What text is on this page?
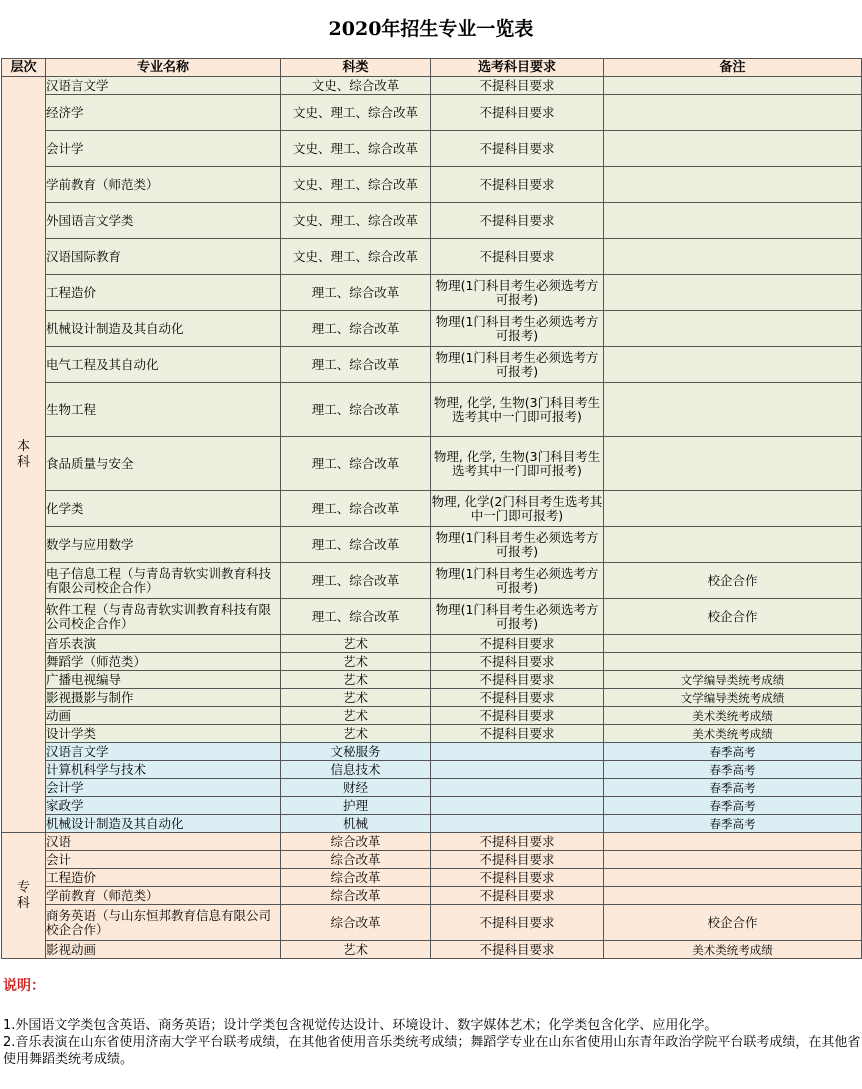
2020年招生专业一览表
层次	专业名称	科类	选考科目要求	备注

本科	汉语言文学	文史、综合改革	不提科目要求	
	经济学	文史、理工、综合改革	不提科目要求	
	会计学	文史、理工、综合改革	不提科目要求	
	学前教育（师范类）	文史、理工、综合改革	不提科目要求	
	外国语言文学类	文史、理工、综合改革	不提科目要求	
	汉语国际教育	文史、理工、综合改革	不提科目要求	
	工程造价	理工、综合改革	物理(1门科目考生必须选考方可报考)	
	机械设计制造及其自动化	理工、综合改革	物理(1门科目考生必须选考方可报考)	
	电气工程及其自动化	理工、综合改革	物理(1门科目考生必须选考方可报考)	
	生物工程	理工、综合改革	物理, 化学, 生物(3门科目考生选考其中一门即可报考)	
	食品质量与安全	理工、综合改革	物理, 化学, 生物(3门科目考生选考其中一门即可报考)	
	化学类	理工、综合改革	物理, 化学(2门科目考生选考其中一门即可报考)	
	数学与应用数学	理工、综合改革	物理(1门科目考生必须选考方可报考)	
	电子信息工程（与青岛青软实训教育科技有限公司校企合作）	理工、综合改革	物理(1门科目考生必须选考方可报考)	校企合作
	软件工程（与青岛青软实训教育科技有限公司校企合作）	理工、综合改革	物理(1门科目考生必须选考方可报考)	校企合作
	音乐表演	艺术	不提科目要求	
	舞蹈学（师范类）	艺术	不提科目要求	
	广播电视编导	艺术	不提科目要求	文学编导类统考成绩
	影视摄影与制作	艺术	不提科目要求	文学编导类统考成绩
	动画	艺术	不提科目要求	美术类统考成绩
	设计学类	艺术	不提科目要求	美术类统考成绩
	汉语言文学	文秘服务		春季高考
	计算机科学与技术	信息技术		春季高考
	会计学	财经		春季高考
	家政学	护理		春季高考
	机械设计制造及其自动化	机械		春季高考

专科	汉语	综合改革	不提科目要求	
	会计	综合改革	不提科目要求	
	工程造价	综合改革	不提科目要求	
	学前教育（师范类）	综合改革	不提科目要求	
	商务英语（与山东恒邦教育信息有限公司校企合作）	综合改革	不提科目要求	校企合作
	影视动画	艺术	不提科目要求	美术类统考成绩
说明：

1.外国语文学类包含英语、商务英语；设计学类包含视觉传达设计、环境设计、数字媒体艺术；化学类包含化学、应用化学。

2.音乐表演在山东省使用济南大学平台联考成绩，在其他省使用音乐类统考成绩；舞蹈学专业在山东省使用山东青年政治学院平台联考成绩，在其他省使用舞蹈类统考成绩。
